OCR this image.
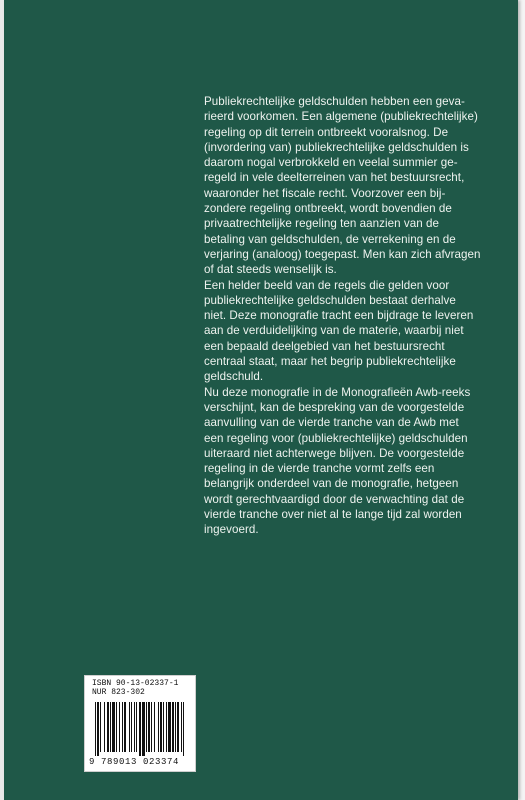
Publiekrechtelijke geldschulden hebben een geva-
rieerd voorkomen. Een algemene (publiekrechtelijke)
regeling op dit terrein ontbreekt vooralsnog. De
(invordering van) publiekrechtelijke geldschulden is
daarom nogal verbrokkeld en veelal summier ge-
regeld in vele deelterreinen van het bestuursrecht,
waaronder het fiscale recht. Voorzover een bij-
zondere regeling ontbreekt, wordt bovendien de
privaatrechtelijke regeling ten aanzien van de
betaling van geldschulden, de verrekening en de
verjaring (analoog) toegepast. Men kan zich afvragen
of dat steeds wenselijk is.

Een helder beeld van de regels die gelden voor
publiekrechtelijke geldschulden bestaat derhalve
niet. Deze monografie tracht een bijdrage te leveren
aan de verduidelijking van de materie, waarbij niet
een bepaald deelgebied van het bestuursrecht
centraal staat, maar het begrip publiekrechtelijke
geldschuld.

Nu deze monografie in de Monografieën Awb-reeks
verschijnt, kan de bespreking van de voorgestelde
aanvulling van de vierde tranche van de Awb met
een regeling voor (publiekrechtelijke) geldschulden
uiteraard niet achterwege blijven. De voorgestelde
regeling in de vierde tranche vormt zelfs een
belangrijk onderdeel van de monografie, hetgeen
wordt gerechtvaardigd door de verwachting dat de
vierde tranche over niet al te lange tijd zal worden
ingevoerd.

ISBN 90-13-02337-1
NUR 823-302
9 789013 023374
